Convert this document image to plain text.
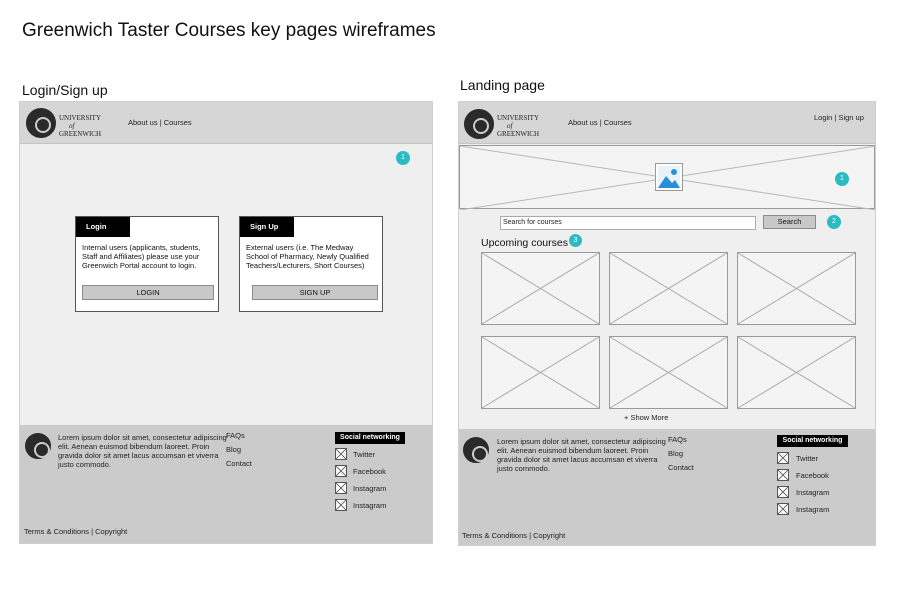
Greenwich Taster Courses key pages wireframes
Login/Sign up
UNIVERSITY
of
GREENWICH
About us | Courses
1
Login
Internal users (applicants, students, Staff and Affiliates) please use your Greenwich Portal account to login.
LOGIN
Sign Up
External users (i.e. The Medway School of Pharmacy, Newly Qualified Teachers/Lecturers, Short Courses)
SIGN UP
Lorem ipsum dolor sit amet, consectetur adipiscing elit. Aenean euismod bibendum laoreet. Proin gravida dolor sit amet lacus accumsan et viverra justo commodo.
FAQs
Blog
Contact
Social networking
Twitter
Facebook
Instagram
Instagram
Terms & Conditions | Copyright
Landing page
UNIVERSITY
of
GREENWICH
About us | Courses
Login | Sign up
1
Search for courses	Search	2
Upcoming courses 3
+ Show More
Lorem ipsum dolor sit amet, consectetur adipiscing elit. Aenean euismod bibendum laoreet. Proin gravida dolor sit amet lacus accumsan et viverra justo commodo.
FAQs
Blog
Contact
Social networking
Twitter
Facebook
Instagram
Instagram
Terms & Conditions | Copyright
